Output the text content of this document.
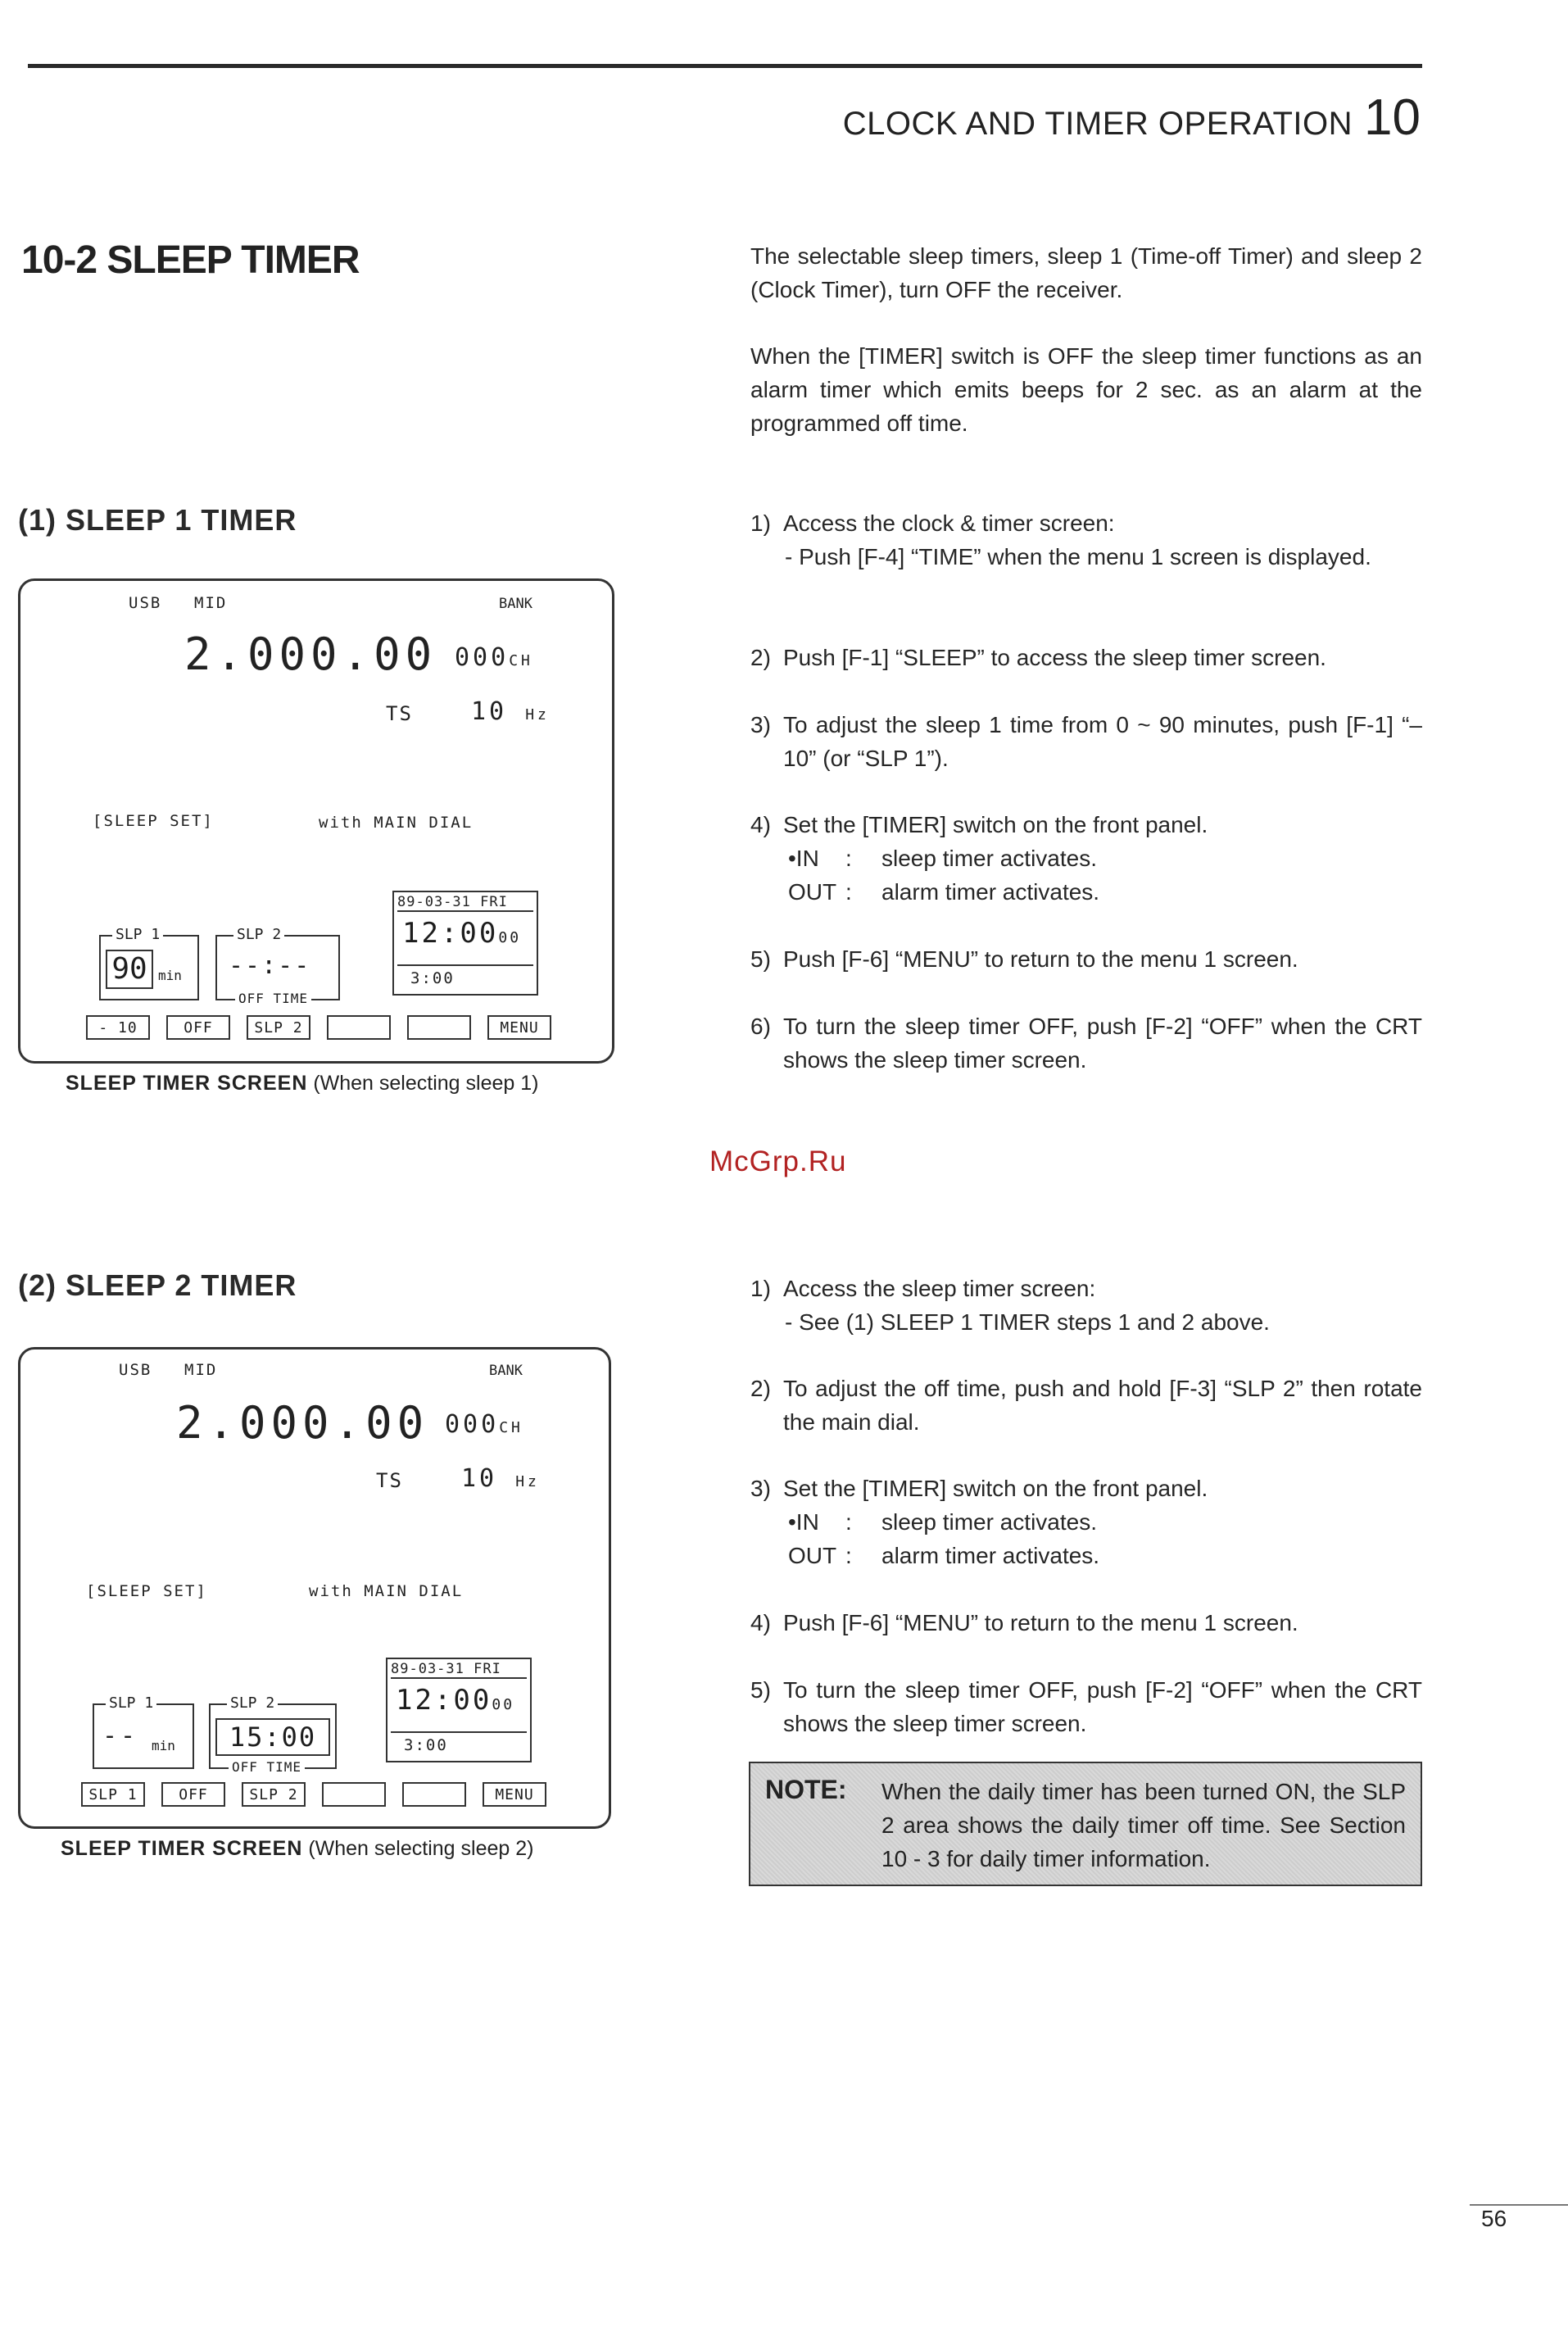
CLOCK AND TIMER OPERATION 10
10-2 SLEEP TIMER	The selectable sleep timers, sleep 1 (Time-off Timer) and sleep 2 (Clock Timer), turn OFF the receiver.
When the [TIMER] switch is OFF the sleep timer functions as an alarm timer which emits beeps for 2 sec. as an alarm at the programmed off time.
(1) SLEEP 1 TIMER
USB MID	BANK
2.000.00 000CH
TS 10 Hz
[SLEEP SET]	with MAIN DIAL
89-03-31 FRI
12:0000
3:00
SLP 1
90 min
SLP 2
--:--
OFF TIME
- 10	OFF	SLP 2	MENU
SLEEP TIMER SCREEN (When selecting sleep 1)
1) Access the clock & timer screen:
- Push [F-4] “TIME” when the menu 1 screen is displayed.
2) Push [F-1] “SLEEP” to access the sleep timer screen.
3) To adjust the sleep 1 time from 0 ~ 90 minutes, push [F-1] “–10” (or “SLP 1”).
4) Set the [TIMER] switch on the front panel.
•IN	:	sleep timer activates.
OUT :	alarm timer activates.
5) Push [F-6] “MENU” to return to the menu 1 screen.
6) To turn the sleep timer OFF, push [F-2] “OFF” when the CRT shows the sleep timer screen.
McGrp.Ru
(2) SLEEP 2 TIMER
USB MID	BANK
2.000.00 000CH
TS 10 Hz
[SLEEP SET]	with MAIN DIAL
89-03-31 FRI
12:0000
3:00
SLP 1
-- min
SLP 2
15:00
OFF TIME
SLP 1	OFF	SLP 2	MENU
SLEEP TIMER SCREEN (When selecting sleep 2)
1) Access the sleep timer screen:
- See (1) SLEEP 1 TIMER steps 1 and 2 above.
2) To adjust the off time, push and hold [F-3] “SLP 2” then rotate the main dial.
3) Set the [TIMER] switch on the front panel.
•IN	:	sleep timer activates.
OUT :	alarm timer activates.
4) Push [F-6] “MENU” to return to the menu 1 screen.
5) To turn the sleep timer OFF, push [F-2] “OFF” when the CRT shows the sleep timer screen.
NOTE:	When the daily timer has been turned ON, the SLP 2 area shows the daily timer off time. See Section 10 - 3 for daily timer information.
56
